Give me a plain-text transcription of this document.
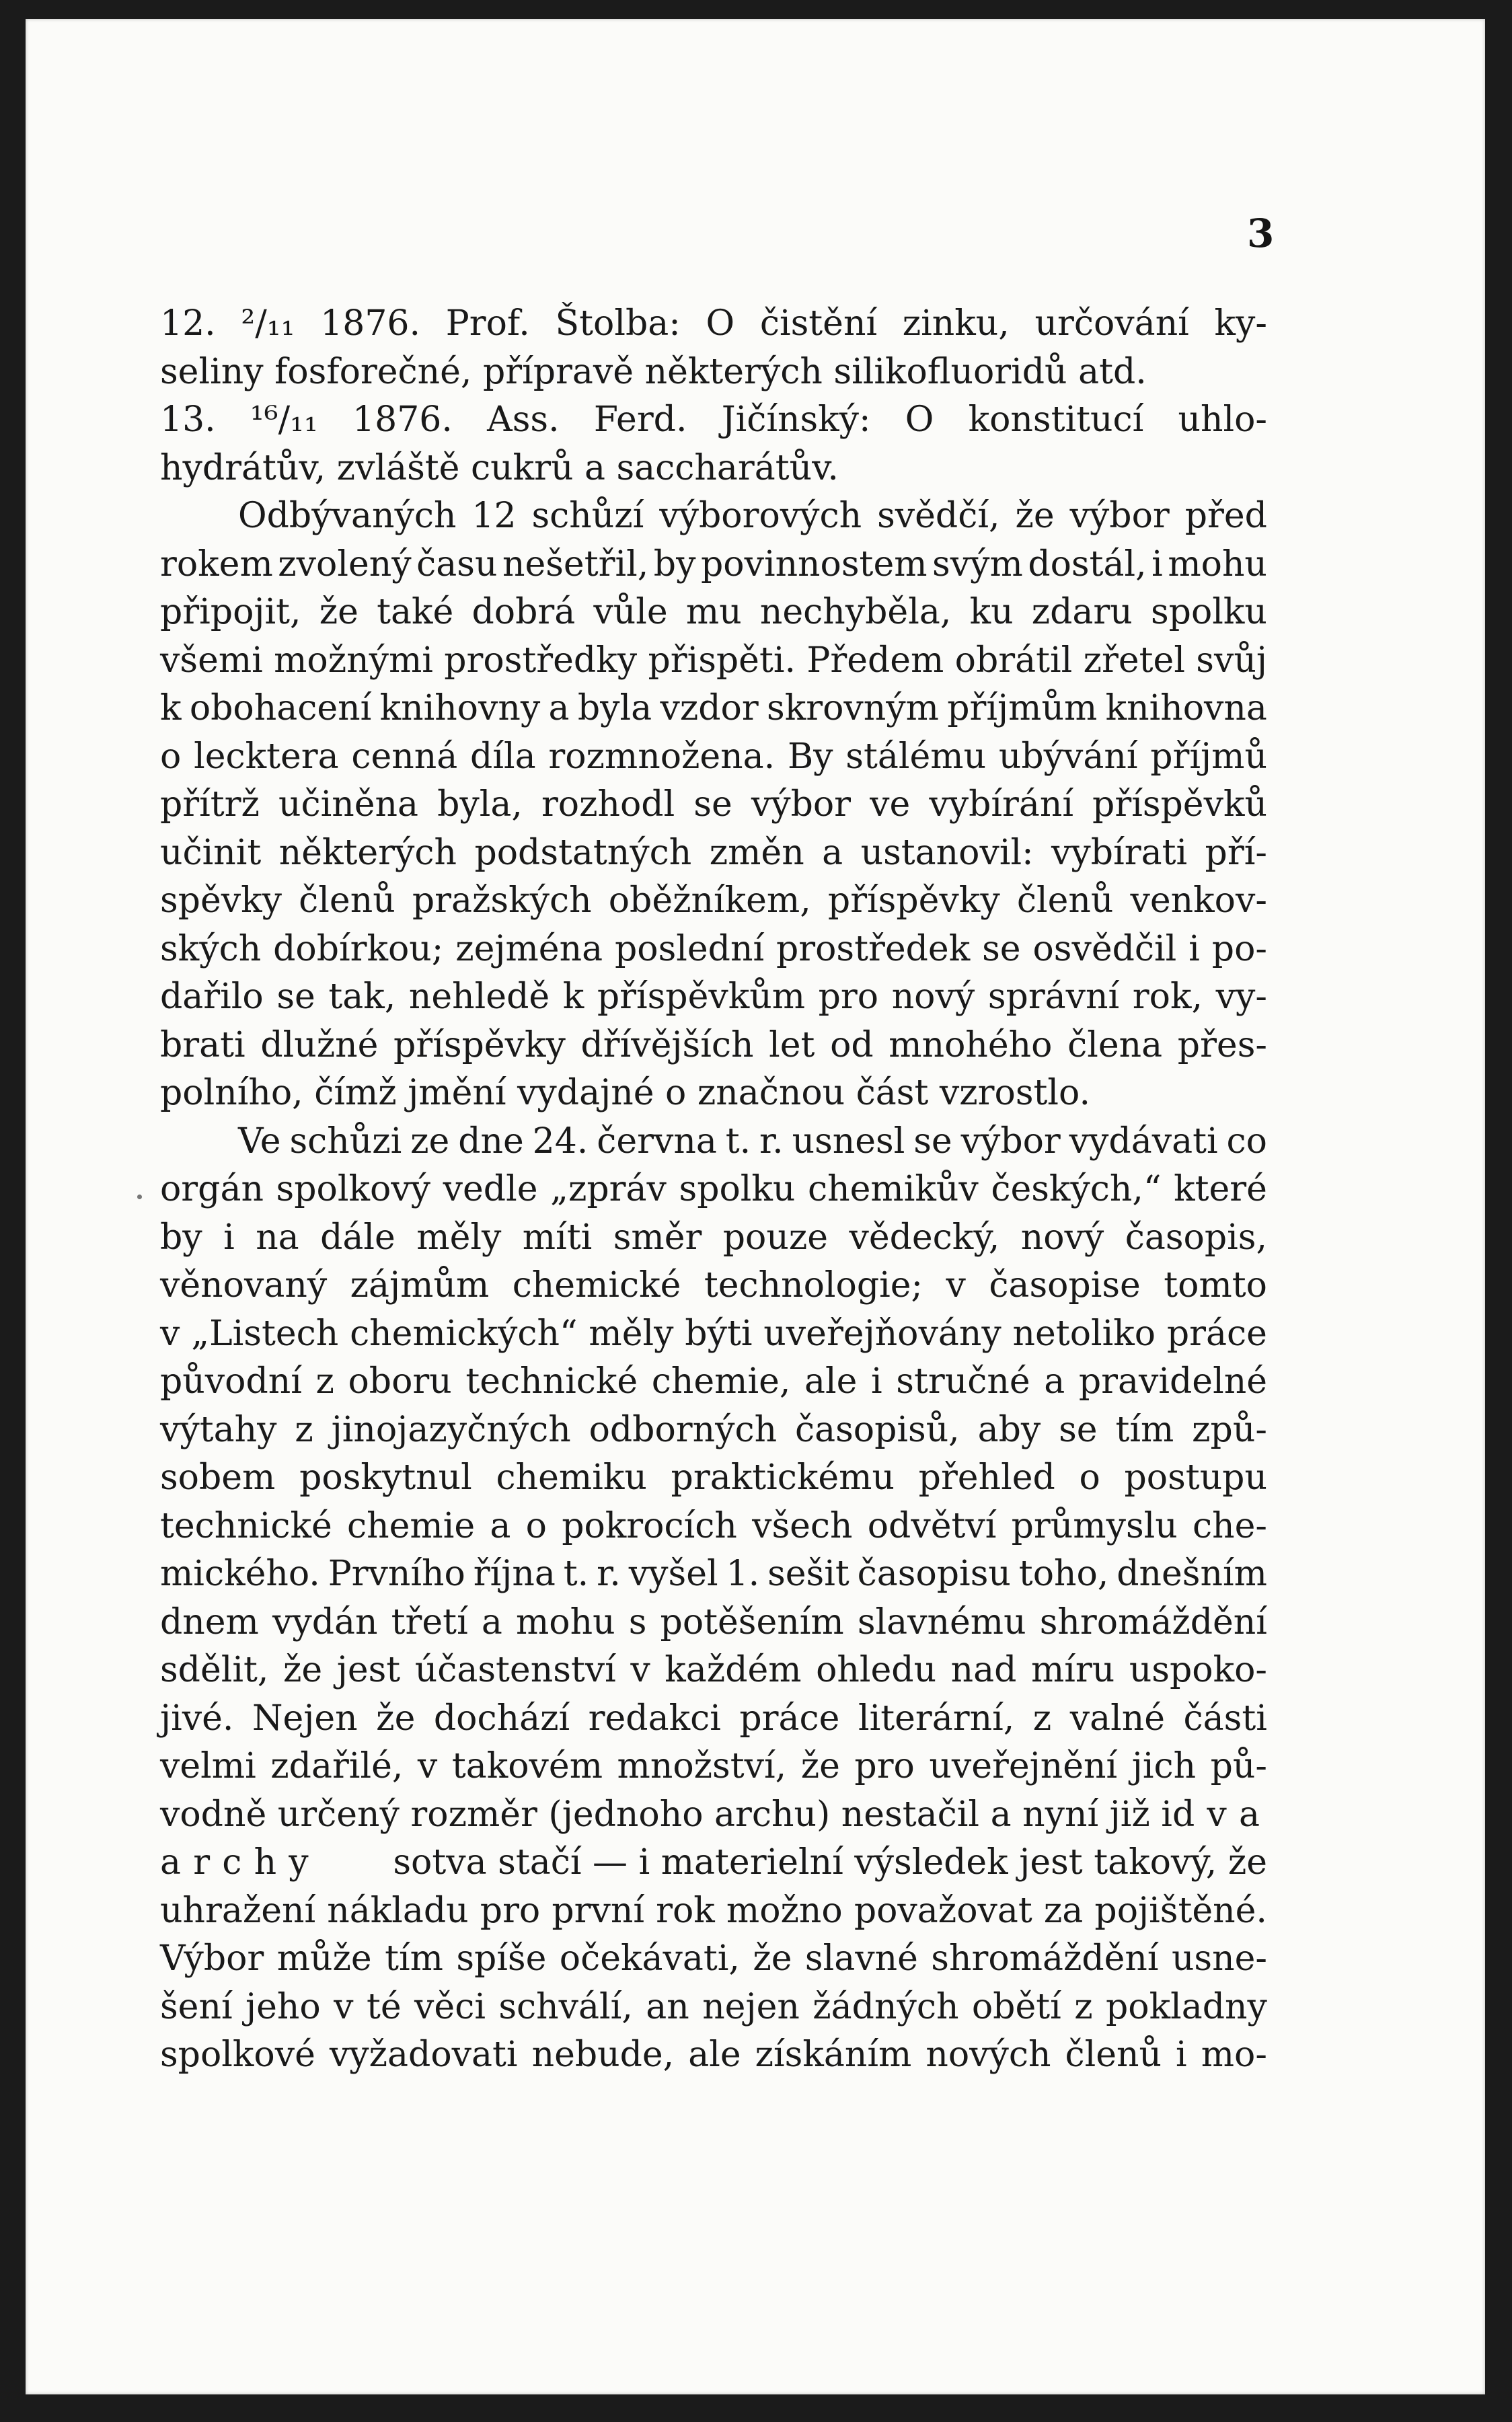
3
12. ²/₁₁ 1876. Prof. Štolba: O čistění zinku, určování ky-
seliny fosforečné, přípravě některých silikofluoridů atd.
13. ¹⁶/₁₁ 1876. Ass. Ferd. Jičínský: O konstitucí uhlo-
hydrátův, zvláště cukrů a saccharátův.
Odbývaných 12 schůzí výborových svědčí, že výbor před
rokem zvolený času nešetřil, by povinnostem svým dostál, i mohu
připojit, že také dobrá vůle mu nechyběla, ku zdaru spolku
všemi možnými prostředky přispěti. Předem obrátil zřetel svůj
k obohacení knihovny a byla vzdor skrovným příjmům knihovna
o lecktera cenná díla rozmnožena. By stálému ubývání příjmů
přítrž učiněna byla, rozhodl se výbor ve vybírání příspěvků
učinit některých podstatných změn a ustanovil: vybírati pří-
spěvky členů pražských oběžníkem, příspěvky členů venkov-
ských dobírkou; zejména poslední prostředek se osvědčil i po-
dařilo se tak, nehledě k příspěvkům pro nový správní rok, vy-
brati dlužné příspěvky dřívějších let od mnohého člena přes-
polního, čímž jmění vydajné o značnou část vzrostlo.
Ve schůzi ze dne 24. června t. r. usnesl se výbor vydávati co
orgán spolkový vedle „zpráv spolku chemikův českých,“ které
by i na dále měly míti směr pouze vědecký, nový časopis,
věnovaný zájmům chemické technologie; v časopise tomto
v „Listech chemických“ měly býti uveřejňovány netoliko práce
původní z oboru technické chemie, ale i stručné a pravidelné
výtahy z jinojazyčných odborných časopisů, aby se tím způ-
sobem poskytnul chemiku praktickému přehled o postupu
technické chemie a o pokrocích všech odvětví průmyslu che-
mického. Prvního října t. r. vyšel 1. sešit časopisu toho, dnešním
dnem vydán třetí a mohu s potěšením slavnému shromáždění
sdělit, že jest účastenství v každém ohledu nad míru uspoko-
jivé. Nejen že dochází redakci práce literární, z valné části
velmi zdařilé, v takovém množství, že pro uveřejnění jich pů-
vodně určený rozměr (jednoho archu) nestačil a nyní již i dva
archy sotva stačí — i materielní výsledek jest takový, že
uhražení nákladu pro první rok možno považovat za pojištěné.
Výbor může tím spíše očekávati, že slavné shromáždění usne-
šení jeho v té věci schválí, an nejen žádných obětí z pokladny
spolkové vyžadovati nebude, ale získáním nových členů i mo-
